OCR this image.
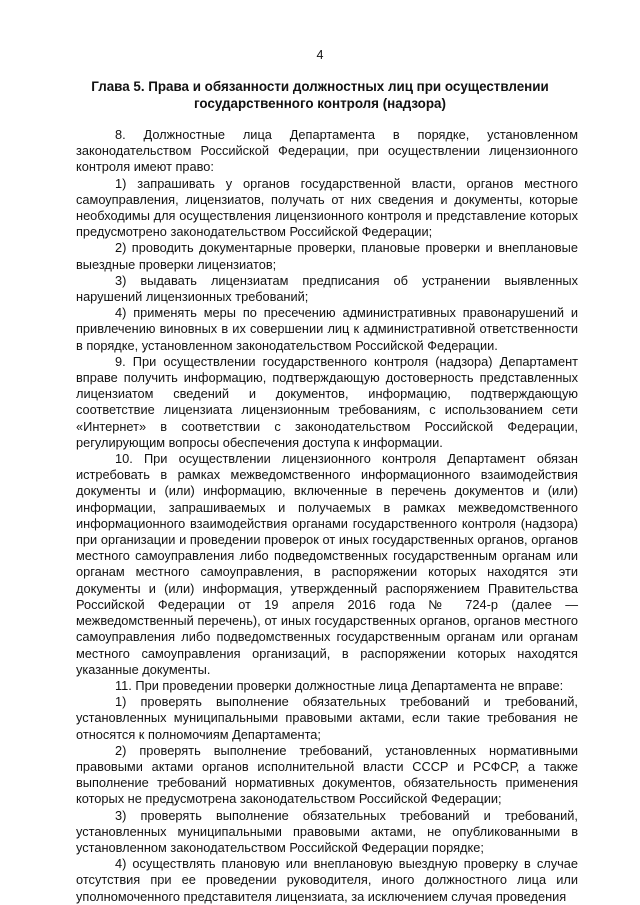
4
Глава 5. Права и обязанности должностных лиц при осуществлении государственного контроля (надзора)

8. Должностные лица Департамента в порядке, установленном законодательством Российской Федерации, при осуществлении лицензионного контроля имеют право:

1) запрашивать у органов государственной власти, органов местного самоуправления, лицензиатов, получать от них сведения и документы, которые необходимы для осуществления лицензионного контроля и представление которых предусмотрено законодательством Российской Федерации;

2) проводить документарные проверки, плановые проверки и внеплановые выездные проверки лицензиатов;

3) выдавать лицензиатам предписания об устранении выявленных нарушений лицензионных требований;

4) применять меры по пресечению административных правонарушений и привлечению виновных в их совершении лиц к административной ответственности в порядке, установленном законодательством Российской Федерации.

9. При осуществлении государственного контроля (надзора) Департамент вправе получить информацию, подтверждающую достоверность представленных лицензиатом сведений и документов, информацию, подтверждающую соответствие лицензиата лицензионным требованиям, с использованием сети «Интернет» в соответствии с законодательством Российской Федерации, регулирующим вопросы обеспечения доступа к информации.

10. При осуществлении лицензионного контроля Департамент обязан истребовать в рамках межведомственного информационного взаимодействия документы и (или) информацию, включенные в перечень документов и (или) информации, запрашиваемых и получаемых в рамках межведомственного информационного взаимодействия органами государственного контроля (надзора) при организации и проведении проверок от иных государственных органов, органов местного самоуправления либо подведомственных государственным органам или органам местного самоуправления, в распоряжении которых находятся эти документы и (или) информация, утвержденный распоряжением Правительства Российской Федерации от 19 апреля 2016 года № 724-р (далее — межведомственный перечень), от иных государственных органов, органов местного самоуправления либо подведомственных государственным органам или органам местного самоуправления организаций, в распоряжении которых находятся указанные документы.

11. При проведении проверки должностные лица Департамента не вправе:

1) проверять выполнение обязательных требований и требований, установленных муниципальными правовыми актами, если такие требования не относятся к полномочиям Департамента;

2) проверять выполнение требований, установленных нормативными правовыми актами органов исполнительной власти СССР и РСФСР, а также выполнение требований нормативных документов, обязательность применения которых не предусмотрена законодательством Российской Федерации;

3) проверять выполнение обязательных требований и требований, установленных муниципальными правовыми актами, не опубликованными в установленном законодательством Российской Федерации порядке;

4) осуществлять плановую или внеплановую выездную проверку в случае отсутствия при ее проведении руководителя, иного должностного лица или уполномоченного представителя лицензиата, за исключением случая проведения
